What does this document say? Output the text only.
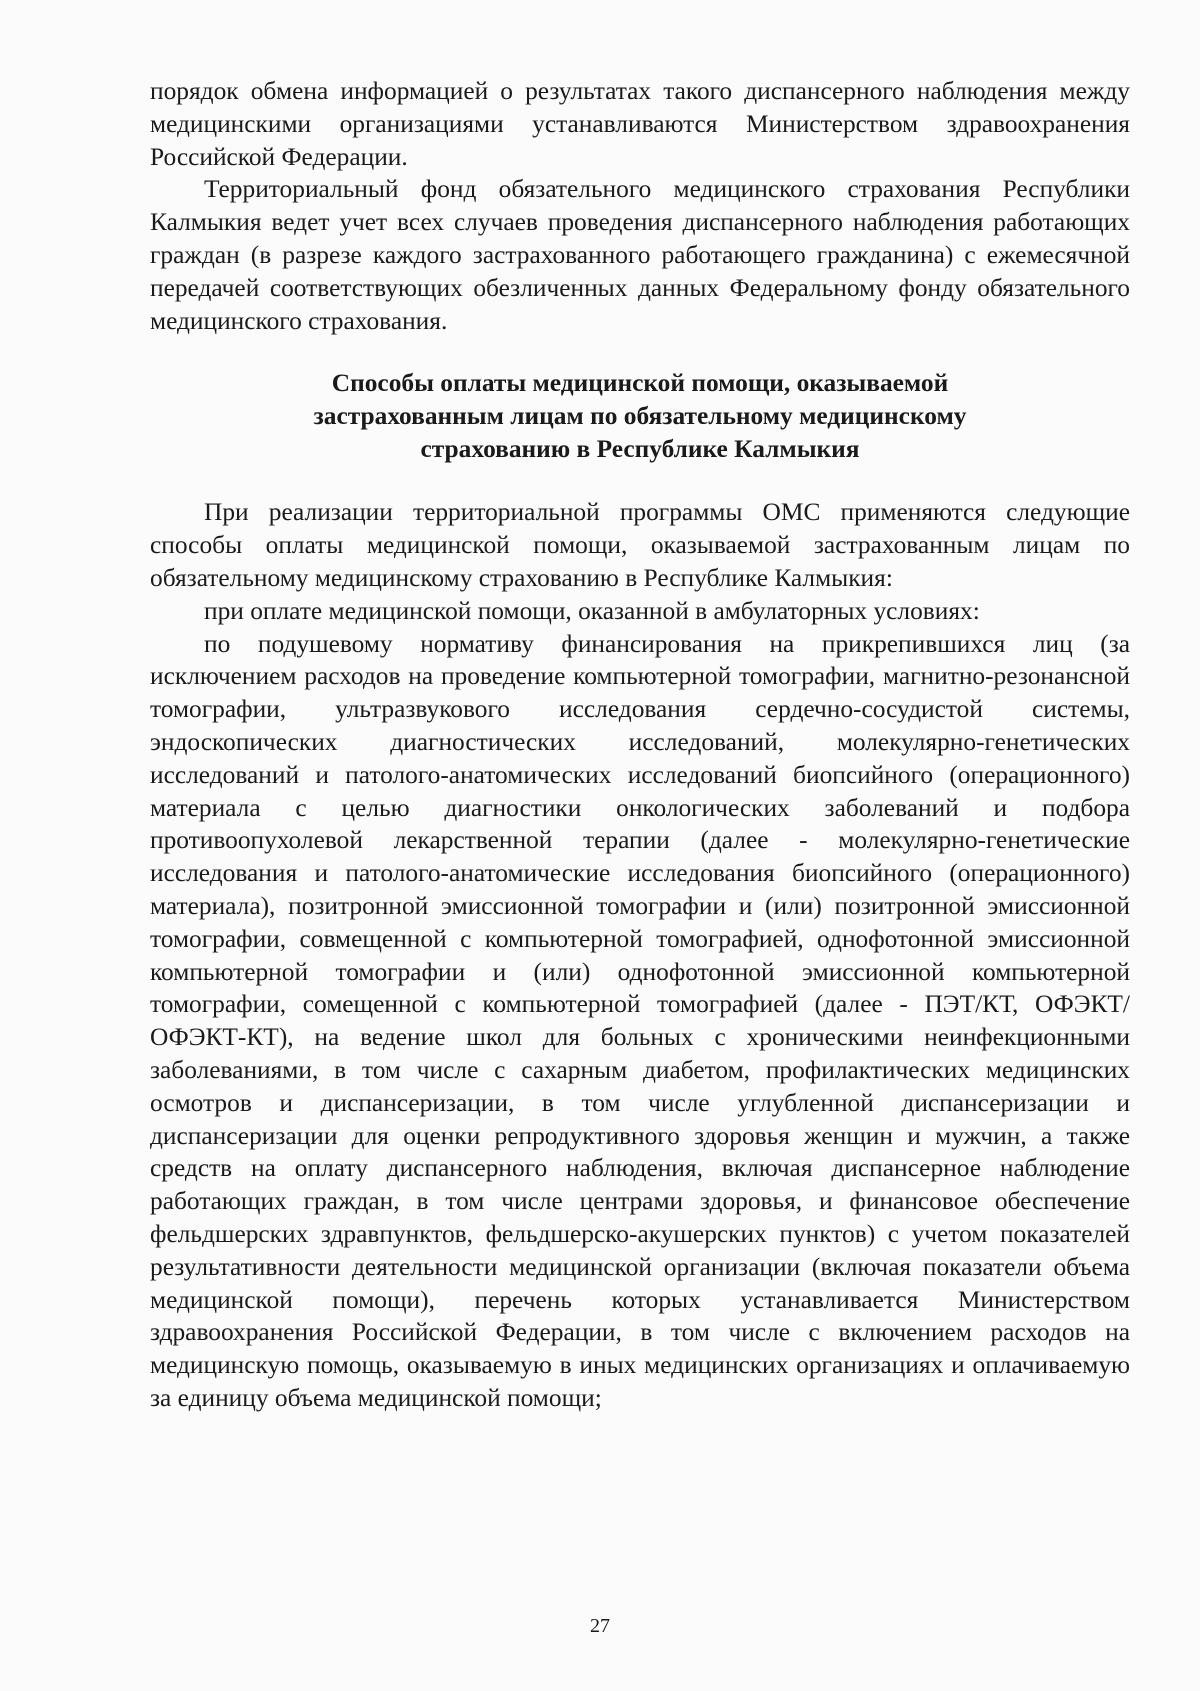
порядок обмена информацией о результатах такого диспансерного наблюдения между медицинскими организациями устанавливаются Министерством здравоохранения Российской Федерации.

Территориальный фонд обязательного медицинского страхования Республики Калмыкия ведет учет всех случаев проведения диспансерного наблюдения работающих граждан (в разрезе каждого застрахованного работающего гражданина) с ежемесячной передачей соответствующих обезличенных данных Федеральному фонду обязательного медицинского страхования.

Способы оплаты медицинской помощи, оказываемой
застрахованным лицам по обязательному медицинскому
страхованию в Республике Калмыкия

При реализации территориальной программы ОМС применяются следующие способы оплаты медицинской помощи, оказываемой застрахованным лицам по обязательному медицинскому страхованию в Республике Калмыкия:

при оплате медицинской помощи, оказанной в амбулаторных условиях:

по подушевому нормативу финансирования на прикрепившихся лиц (за исключением расходов на проведение компьютерной томографии, магнитно-резонансной томографии, ультразвукового исследования сердечно-сосудистой системы, эндоскопических диагностических исследований, молекулярно-генетических исследований и патолого-анатомических исследований биопсийного (операционного) материала с целью диагностики онкологических заболеваний и подбора противоопухолевой лекарственной терапии (далее - молекулярно-генетические исследования и патолого-анатомические исследования биопсийного (операционного) материала), позитронной эмиссионной томографии и (или) позитронной эмиссионной томографии, совмещенной с компьютерной томографией, однофотонной эмиссионной компьютерной томографии и (или) однофотонной эмиссионной компьютерной томографии, сомещенной с компьютерной томографией (далее - ПЭТ/КТ, ОФЭКТ/ОФЭКТ-КТ), на ведение школ для больных с хроническими неинфекционными заболеваниями, в том числе с сахарным диабетом, профилактических медицинских осмотров и диспансеризации, в том числе углубленной диспансеризации и диспансеризации для оценки репродуктивного здоровья женщин и мужчин, а также средств на оплату диспансерного наблюдения, включая диспансерное наблюдение работающих граждан, в том числе центрами здоровья, и финансовое обеспечение фельдшерских здравпунктов, фельдшерско-акушерских пунктов) с учетом показателей результативности деятельности медицинской организации (включая показатели объема медицинской помощи), перечень которых устанавливается Министерством здравоохранения Российской Федерации, в том числе с включением расходов на медицинскую помощь, оказываемую в иных медицинских организациях и оплачиваемую за единицу объема медицинской помощи;

27
